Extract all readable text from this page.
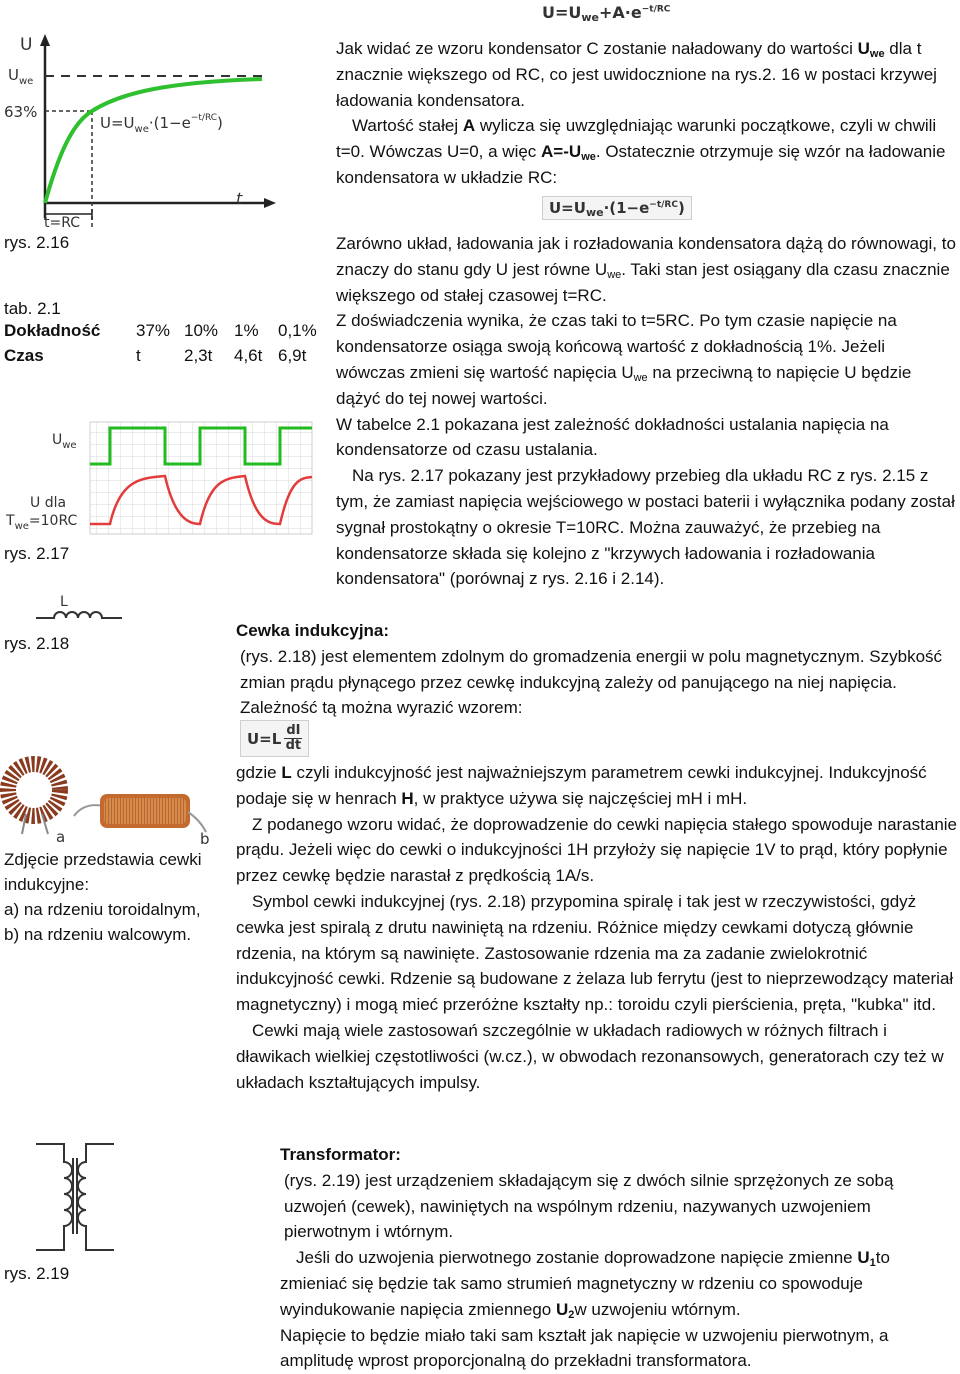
U
$U_{we}$
63%
$U=U_{we}\cdot(1-e^{-t/RC})$
t
t=RC
rys. 2.16
$U=U_{we}+A\cdot e^{-t/RC}$

Jak widać ze wzoru kondensator C zostanie naładowany do wartości $U_{we}$ dla t znacznie większego od RC, co jest uwidocznione na rys.2. 16 w postaci krzywej ładowania kondensatora.

Wartość stałej A wylicza się uwzględniając warunki początkowe, czyli w chwili t=0. Wówczas U=0, a więc $A=-U_{we}$. Ostatecznie otrzymuje się wzór na ładowanie kondensatora w układzie RC:

$U=U_{we}\cdot(1-e^{-t/RC})$
tab. 2.1
Dokładność	37%	10%	1%	0,1%
Czas	t	2,3t	4,6t	6,9t

Zarówno układ, ładowania jak i rozładowania kondensatora dążą do równowagi, to znaczy do stanu gdy U jest równe $U_{we}$. Taki stan jest osiągany dla czasu znacznie większego od stałej czasowej t=RC.

Z doświadczenia wynika, że czas taki to t=5RC. Po tym czasie napięcie na kondensatorze osiąga swoją końcową wartość z dokładnością 1%. Jeżeli wówczas zmieni się wartość napięcia $U_{we}$ na przeciwną to napięcie U będzie dążyć do tej nowej wartości.

W tabelce 2.1 pokazana jest zależność dokładności ustalania napięcia na kondensatorze od czasu ustalania.

Na rys. 2.17 pokazany jest przykładowy przebieg dla układu RC z rys. 2.15 z tym, że zamiast napięcia wejściowego w postaci baterii i wyłącznika podany został sygnał prostokątny o okresie T=10RC. Można zauważyć, że przebieg na kondensatorze składa się kolejno z "krzywych ładowania i rozładowania kondensatora" (porównaj z rys. 2.16 i 2.14).

$U_{we}$
U dla
$T_{we}=10RC$
rys. 2.17
L
rys. 2.18
a	b
Zdjęcie przedstawia cewki indukcyjne:
a) na rdzeniu toroidalnym,
b) na rdzeniu walcowym.

Cewka indukcyjna:

(rys. 2.18) jest elementem zdolnym do gromadzenia energii w polu magnetycznym. Szybkość zmian prądu płynącego przez cewkę indukcyjną zależy od panującego na niej napięcia. Zależność tą można wyrazić wzorem:

U=L dI
dt

gdzie L czyli indukcyjność jest najważniejszym parametrem cewki indukcyjnej. Indukcyjność podaje się w henrach H, w praktyce używa się najczęściej mH i mH.

Z podanego wzoru widać, że doprowadzenie do cewki napięcia stałego spowoduje narastanie prądu. Jeżeli więc do cewki o indukcyjności 1H przyłoży się napięcie 1V to prąd, który popłynie przez cewkę będzie narastał z prędkością 1A/s.

Symbol cewki indukcyjnej (rys. 2.18) przypomina spiralę i tak jest w rzeczywistości, gdyż cewka jest spiralą z drutu nawiniętą na rdzeniu. Różnice między cewkami dotyczą głównie rdzenia, na którym są nawinięte. Zastosowanie rdzenia ma za zadanie zwielokrotnić indukcyjność cewki. Rdzenie są budowane z żelaza lub ferrytu (jest to nieprzewodzący materiał magnetyczny) i mogą mieć przeróżne kształty np.: toroidu czyli pierścienia, pręta, "kubka" itd.

Cewki mają wiele zastosowań szczególnie w układach radiowych w różnych filtrach i dławikach wielkiej częstotliwości (w.cz.), w obwodach rezonansowych, generatorach czy też w układach kształtujących impulsy.

rys. 2.19

Transformator:

(rys. 2.19) jest urządzeniem składającym się z dwóch silnie sprzężonych ze sobą uzwojeń (cewek), nawiniętych na wspólnym rdzeniu, nazywanych uzwojeniem pierwotnym i wtórnym.

Jeśli do uzwojenia pierwotnego zostanie doprowadzone napięcie zmienne $U_1to$ zmieniać się będzie tak samo strumień magnetyczny w rdzeniu co spowoduje wyindukowanie napięcia zmiennego $U_2w$ uzwojeniu wtórnym.

Napięcie to będzie miało taki sam kształt jak napięcie w uzwojeniu pierwotnym, a amplitudę wprost proporcjonalną do przekładni transformatora.
